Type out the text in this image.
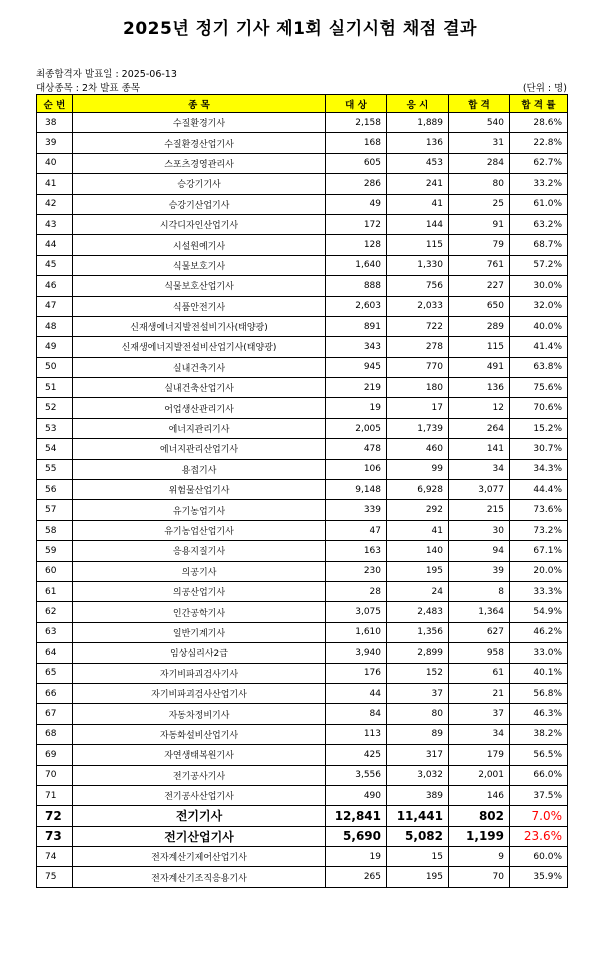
2025년 정기 기사 제1회 실기시험 채점 결과
최종합격자 발표일 : 2025-06-13
대상종목 : 2차 발표 종목	(단위 : 명)
순 번	종 목	대 상	응 시	합 격	합 격 률
38	수질환경기사	2,158	1,889	540	28.6%
39	수질환경산업기사	168	136	31	22.8%
40	스포츠경영관리사	605	453	284	62.7%
41	승강기기사	286	241	80	33.2%
42	승강기산업기사	49	41	25	61.0%
43	시각디자인산업기사	172	144	91	63.2%
44	시설원예기사	128	115	79	68.7%
45	식물보호기사	1,640	1,330	761	57.2%
46	식물보호산업기사	888	756	227	30.0%
47	식품안전기사	2,603	2,033	650	32.0%
48	신재생에너지발전설비기사(태양광)	891	722	289	40.0%
49	신재생에너지발전설비산업기사(태양광)	343	278	115	41.4%
50	실내건축기사	945	770	491	63.8%
51	실내건축산업기사	219	180	136	75.6%
52	어업생산관리기사	19	17	12	70.6%
53	에너지관리기사	2,005	1,739	264	15.2%
54	에너지관리산업기사	478	460	141	30.7%
55	용접기사	106	99	34	34.3%
56	위험물산업기사	9,148	6,928	3,077	44.4%
57	유기농업기사	339	292	215	73.6%
58	유기농업산업기사	47	41	30	73.2%
59	응용지질기사	163	140	94	67.1%
60	의공기사	230	195	39	20.0%
61	의공산업기사	28	24	8	33.3%
62	인간공학기사	3,075	2,483	1,364	54.9%
63	일반기계기사	1,610	1,356	627	46.2%
64	임상심리사2급	3,940	2,899	958	33.0%
65	자기비파괴검사기사	176	152	61	40.1%
66	자기비파괴검사산업기사	44	37	21	56.8%
67	자동차정비기사	84	80	37	46.3%
68	자동화설비산업기사	113	89	34	38.2%
69	자연생태복원기사	425	317	179	56.5%
70	전기공사기사	3,556	3,032	2,001	66.0%
71	전기공사산업기사	490	389	146	37.5%
72	전기기사	12,841	11,441	802	7.0%
73	전기산업기사	5,690	5,082	1,199	23.6%
74	전자계산기제어산업기사	19	15	9	60.0%
75	전자계산기조직응용기사	265	195	70	35.9%
